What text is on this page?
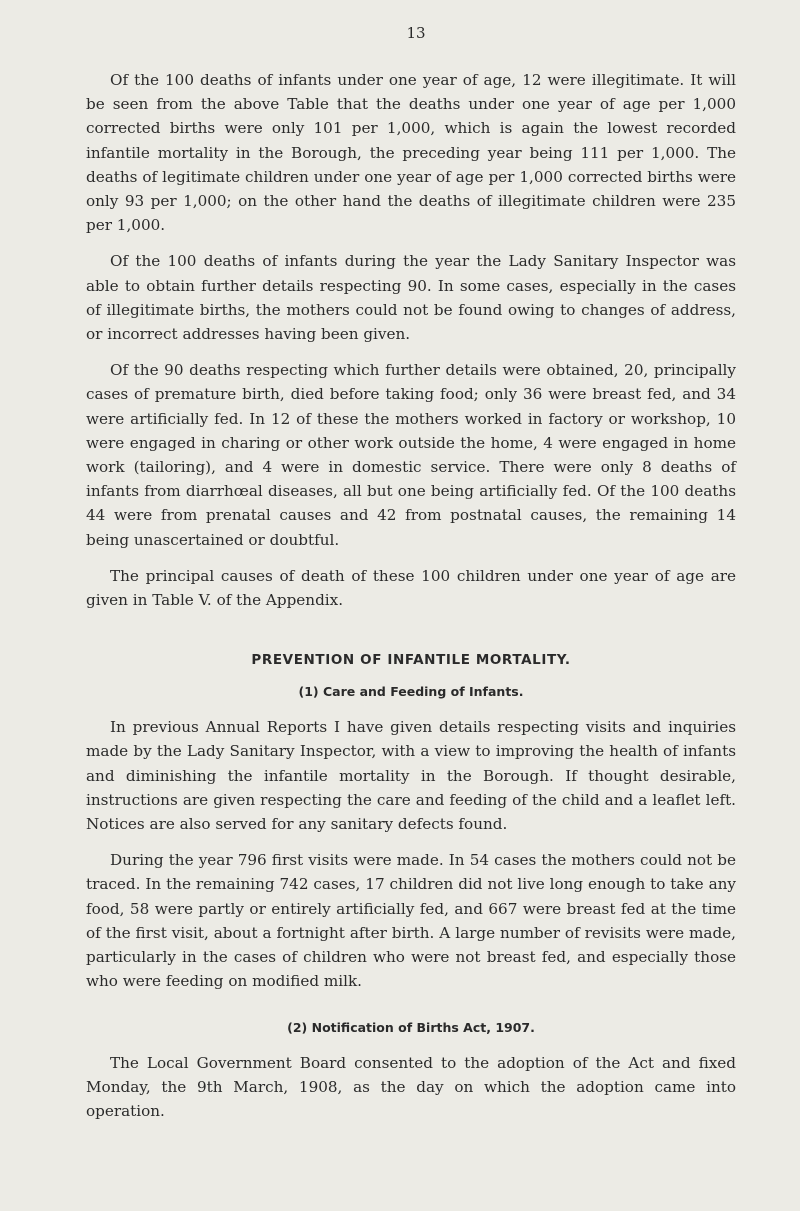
13

Of the 100 deaths of infants under one year of age, 12 were illegitimate. It will be seen from the above Table that the deaths under one year of age per 1,000 corrected births were only 101 per 1,000, which is again the lowest recorded infantile mortality in the Borough, the preceding year being 111 per 1,000. The deaths of legitimate children under one year of age per 1,000 corrected births were only 93 per 1,000; on the other hand the deaths of illegitimate children were 235 per 1,000.

Of the 100 deaths of infants during the year the Lady Sanitary Inspector was able to obtain further details respecting 90. In some cases, especially in the cases of illegitimate births, the mothers could not be found owing to changes of address, or incorrect addresses having been given.

Of the 90 deaths respecting which further details were obtained, 20, principally cases of premature birth, died before taking food; only 36 were breast fed, and 34 were artificially fed. In 12 of these the mothers worked in factory or workshop, 10 were engaged in charing or other work outside the home, 4 were engaged in home work (tailoring), and 4 were in domestic service. There were only 8 deaths of infants from diarrhœal diseases, all but one being artificially fed. Of the 100 deaths 44 were from prenatal causes and 42 from postnatal causes, the remaining 14 being unascertained or doubtful.

The principal causes of death of these 100 children under one year of age are given in Table V. of the Appendix.

PREVENTION OF INFANTILE MORTALITY.
(1) Care and Feeding of Infants.

In previous Annual Reports I have given details respecting visits and inquiries made by the Lady Sanitary Inspector, with a view to improving the health of infants and diminishing the infantile mortality in the Borough. If thought desirable, instructions are given respecting the care and feeding of the child and a leaflet left. Notices are also served for any sanitary defects found.

During the year 796 first visits were made. In 54 cases the mothers could not be traced. In the remaining 742 cases, 17 children did not live long enough to take any food, 58 were partly or entirely artificially fed, and 667 were breast fed at the time of the first visit, about a fortnight after birth. A large number of revisits were made, particularly in the cases of children who were not breast fed, and especially those who were feeding on modified milk.

(2) Notification of Births Act, 1907.

The Local Government Board consented to the adoption of the Act and fixed Monday, the 9th March, 1908, as the day on which the adoption came into operation.
